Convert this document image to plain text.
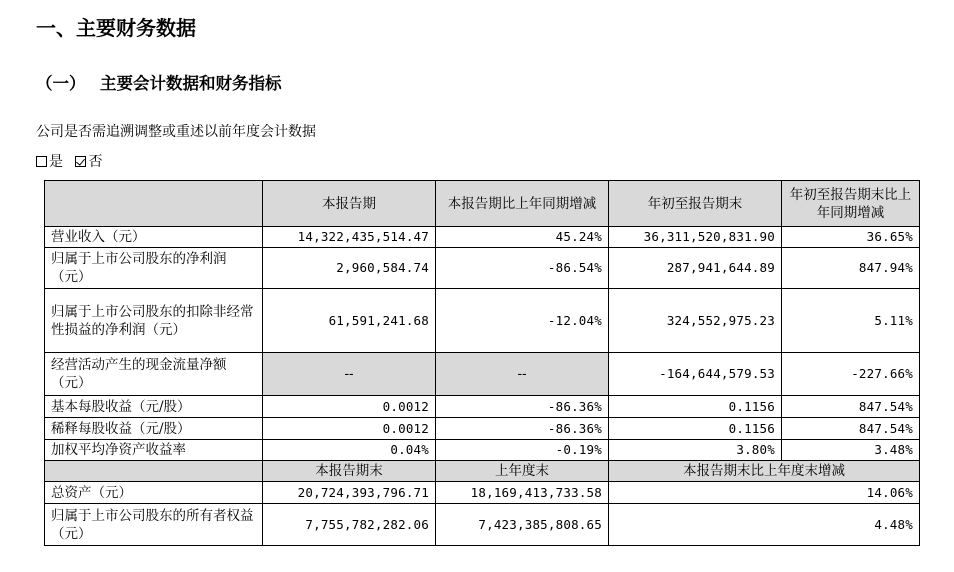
一、主要财务数据
（一） 主要会计数据和财务指标
公司是否需追溯调整或重述以前年度会计数据
是 否
	本报告期	本报告期比上年同期增减	年初至报告期末	年初至报告期末比上年同期增减
营业收入（元）	14,322,435,514.47	45.24%	36,311,520,831.90	36.65%
归属于上市公司股东的净利润（元）	2,960,584.74	-86.54%	287,941,644.89	847.94%
归属于上市公司股东的扣除非经常性损益的净利润（元）	61,591,241.68	-12.04%	324,552,975.23	5.11%
经营活动产生的现金流量净额（元）	--	--	-164,644,579.53	-227.66%
基本每股收益（元/股）	0.0012	-86.36%	0.1156	847.54%
稀释每股收益（元/股）	0.0012	-86.36%	0.1156	847.54%
加权平均净资产收益率	0.04%	-0.19%	3.80%	3.48%
	本报告期末	上年度末	本报告期末比上年度末增减	
总资产（元）	20,724,393,796.71	18,169,413,733.58	14.06%	
归属于上市公司股东的所有者权益（元）	7,755,782,282.06	7,423,385,808.65	4.48%	
